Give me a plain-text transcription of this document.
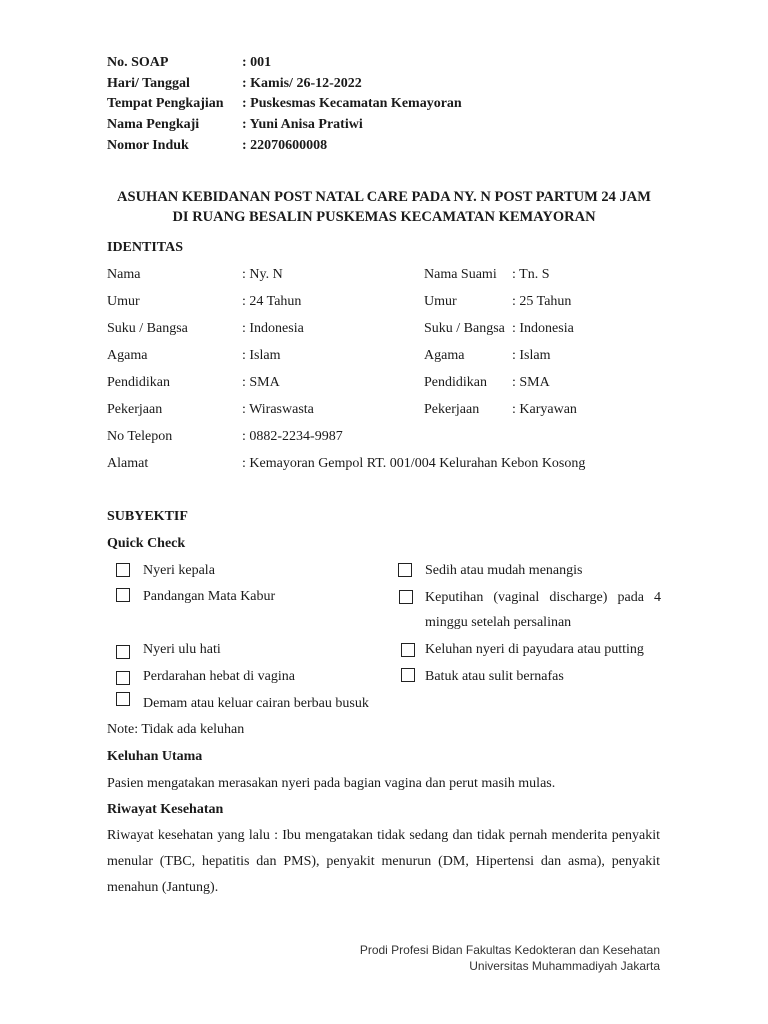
No. SOAP	: 001
Hari/ Tanggal	: Kamis/ 26-12-2022
Tempat Pengkajian : Puskesmas Kecamatan Kemayoran
Nama Pengkaji	: Yuni Anisa Pratiwi
Nomor Induk	: 22070600008
ASUHAN KEBIDANAN POST NATAL CARE PADA NY. N POST PARTUM 24 JAM
DI RUANG BESALIN PUSKEMAS KECAMATAN KEMAYORAN
IDENTITAS
Nama	: Ny. N	Nama Suami : Tn. S
Umur	: 24 Tahun	Umur	: 25 Tahun
Suku / Bangsa	: Indonesia	Suku / Bangsa : Indonesia
Agama	: Islam	Agama	: Islam
Pendidikan	: SMA	Pendidikan : SMA
Pekerjaan	: Wiraswasta	Pekerjaan : Karyawan
No Telepon	: 0882-2234-9987
Alamat	: Kemayoran Gempol RT. 001/004 Kelurahan Kebon Kosong
SUBYEKTIF
Quick Check
Nyeri kepala
Pandangan Mata Kabur
Nyeri ulu hati
Perdarahan hebat di vagina
Demam atau keluar cairan berbau busuk
Sedih atau mudah menangis
Keputihan (vaginal discharge) pada 4
minggu setelah persalinan
Keluhan nyeri di payudara atau putting
Batuk atau sulit bernafas
Note: Tidak ada keluhan
Keluhan Utama
Pasien mengatakan merasakan nyeri pada bagian vagina dan perut masih mulas.
Riwayat Kesehatan
Riwayat kesehatan yang lalu : Ibu mengatakan tidak sedang dan tidak pernah menderita penyakit menular (TBC, hepatitis dan PMS), penyakit menurun (DM, Hipertensi dan asma), penyakit menahun (Jantung).
Prodi Profesi Bidan Fakultas Kedokteran dan Kesehatan
Universitas Muhammadiyah Jakarta
